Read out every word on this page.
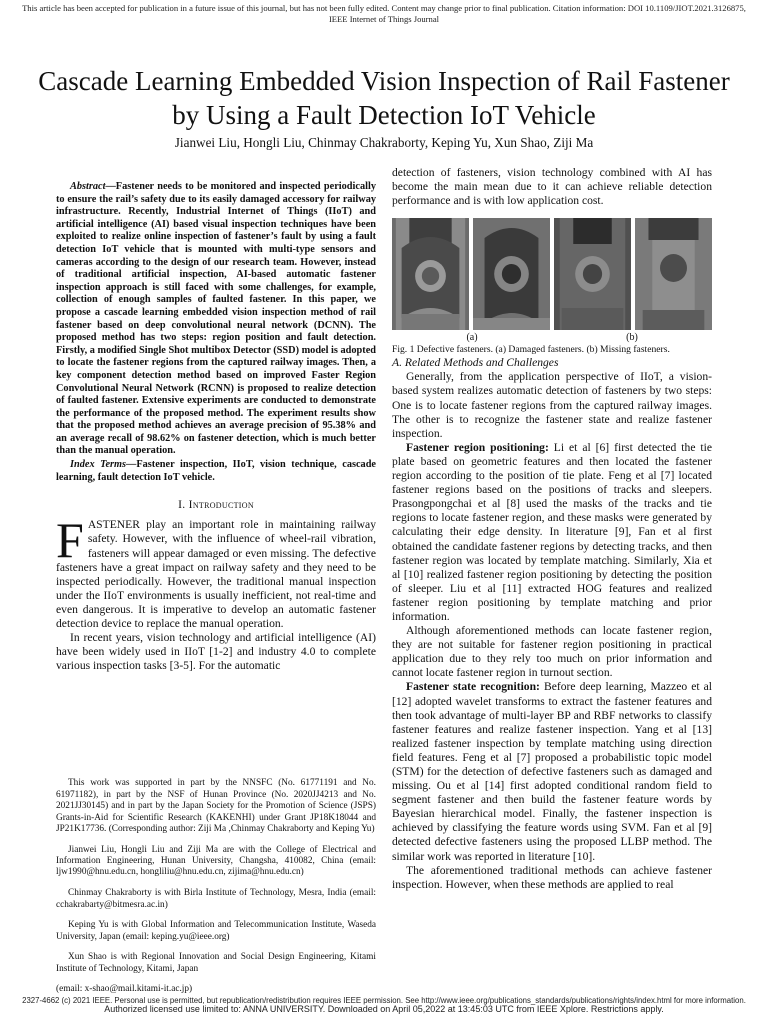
This article has been accepted for publication in a future issue of this journal, but has not been fully edited. Content may change prior to final publication. Citation information: DOI 10.1109/JIOT.2021.3126875, IEEE Internet of Things Journal
Cascade Learning Embedded Vision Inspection of Rail Fastener by Using a Fault Detection IoT Vehicle
Jianwei Liu, Hongli Liu, Chinmay Chakraborty, Keping Yu, Xun Shao, Ziji Ma

Abstract—Fastener needs to be monitored and inspected periodically to ensure the rail’s safety due to its easily damaged accessory for railway infrastructure. Recently, Industrial Internet of Things (IIoT) and artificial intelligence (AI) based visual inspection techniques have been exploited to realize online inspection of fastener’s fault by using a fault detection IoT vehicle that is mounted with multi-type sensors and cameras according to the design of our research team. However, instead of traditional artificial inspection, AI-based automatic fastener inspection approach is still faced with some challenges, for example, collection of enough samples of faulted fastener. In this paper, we propose a cascade learning embedded vision inspection method of rail fastener based on deep convolutional neural network (DCNN). The proposed method has two steps: region position and fault detection. Firstly, a modified Single Shot multibox Detector (SSD) model is adopted to locate the fastener regions from the captured railway images. Then, a key component detection method based on improved Faster Region Convolutional Neural Network (RCNN) is proposed to realize detection of faulted fastener. Extensive experiments are conducted to demonstrate the performance of the proposed method. The experiment results show that the proposed method achieves an average precision of 95.38% and an average recall of 98.62% on fastener detection, which is much better than the manual operation.

Index Terms—Fastener inspection, IIoT, vision technique, cascade learning, fault detection IoT vehicle.

I. Introduction

FASTENER play an important role in maintaining railway safety. However, with the influence of wheel-rail vibration, fasteners will appear damaged or even missing. The defective fasteners have a great impact on railway safety and they need to be inspected periodically. However, the traditional manual inspection under the IIoT environments is usually inefficient, not real-time and even dangerous. It is imperative to develop an automatic fastener detection device to replace the manual operation.

In recent years, vision technology and artificial intelligence (AI) have been widely used in IIoT [1-2] and industry 4.0 to complete various inspection tasks [3-5]. For the automatic

This work was supported in part by the NNSFC (No. 61771191 and No. 61971182), in part by the NSF of Hunan Province (No. 2020JJ4213 and No. 2021JJ30145) and in part by the Japan Society for the Promotion of Science (JSPS) Grants-in-Aid for Scientific Research (KAKENHI) under Grant JP18K18044 and JP21K17736. (Corresponding author: Ziji Ma ,Chinmay Chakraborty and Keping Yu)

Jianwei Liu, Hongli Liu and Ziji Ma are with the College of Electrical and Information Engineering, Hunan University, Changsha, 410082, China (email: ljw1990@hnu.edu.cn, hongliliu@hnu.edu.cn, zijima@hnu.edu.cn)

Chinmay Chakraborty is with Birla Institute of Technology, Mesra, India (email: cchakrabarty@bitmesra.ac.in)

Keping Yu is with Global Information and Telecommunication Institute, Waseda University, Japan (email: keping.yu@ieee.org)

Xun Shao is with Regional Innovation and Social Design Engineering, Kitami Institute of Technology, Kitami, Japan

(email: x-shao@mail.kitami-it.ac.jp)

detection of fasteners, vision technology combined with AI has become the main mean due to it can achieve reliable detection performance and is with low application cost.

(a)	(b)

Fig. 1 Defective fasteners. (a) Damaged fasteners. (b) Missing fasteners.

A. Related Methods and Challenges

Generally, from the application perspective of IIoT, a vision-based system realizes automatic detection of fasteners by two steps: One is to locate fastener regions from the captured railway images. The other is to recognize the fastener state and realize fastener inspection.

Fastener region positioning: Li et al [6] first detected the tie plate based on geometric features and then located the fastener region according to the position of tie plate. Feng et al [7] located fastener regions based on the positions of tracks and sleepers. Prasongpongchai et al [8] used the masks of the tracks and tie regions to locate fastener region, and these masks were generated by calculating their edge density. In literature [9], Fan et al first obtained the candidate fastener regions by detecting tracks, and then fastener region was located by template matching. Similarly, Xia et al [10] realized fastener region positioning by detecting the position of sleeper. Liu et al [11] extracted HOG features and realized fastener region positioning by template matching and prior information.

Although aforementioned methods can locate fastener region, they are not suitable for fastener region positioning in practical application due to they rely too much on prior information and cannot locate fastener region in turnout section.

Fastener state recognition: Before deep learning, Mazzeo et al [12] adopted wavelet transforms to extract the fastener features and then took advantage of multi-layer BP and RBF networks to classify fastener features and realize fastener inspection. Yang et al [13] realized fastener inspection by template matching using direction field features. Feng et al [7] proposed a probabilistic topic model (STM) for the detection of defective fasteners such as damaged and missing. Ou et al [14] first adopted conditional random field to segment fastener and then build the fastener feature words by Bayesian hierarchical model. Finally, the fastener inspection is achieved by classifying the feature words using SVM. Fan et al [9] detected defective fasteners using the proposed LLBP method. The similar work was reported in literature [10].

The aforementioned traditional methods can achieve fastener inspection. However, when these methods are applied to real

2327-4662 (c) 2021 IEEE. Personal use is permitted, but republication/redistribution requires IEEE permission. See http://www.ieee.org/publications_standards/publications/rights/index.html for more information.
Authorized licensed use limited to: ANNA UNIVERSITY. Downloaded on April 05,2022 at 13:45:03 UTC from IEEE Xplore. Restrictions apply.
